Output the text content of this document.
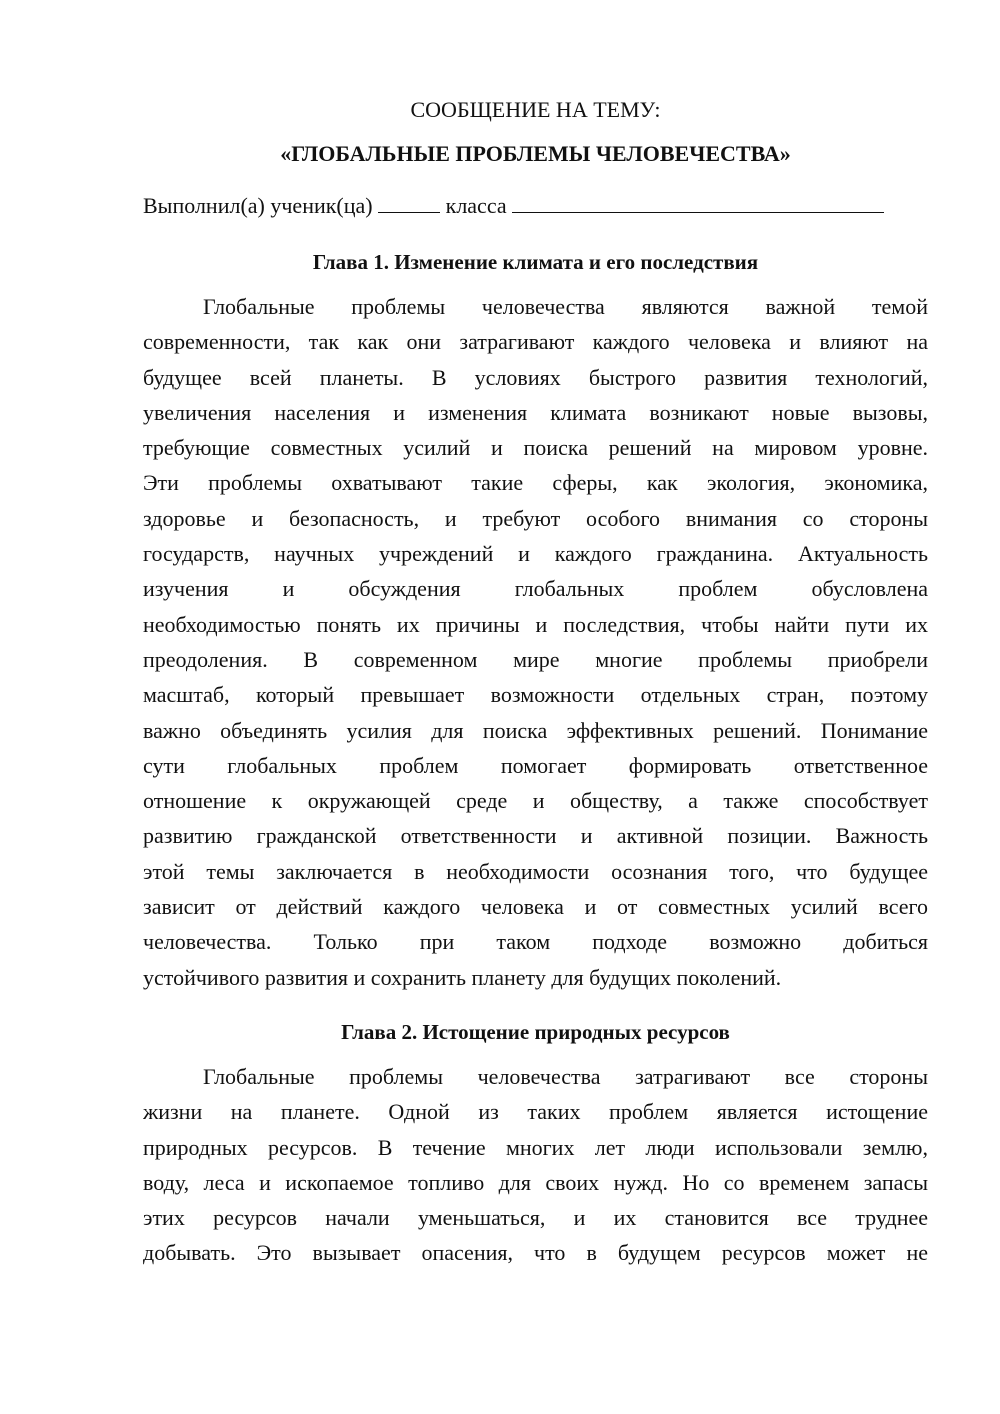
СООБЩЕНИЕ НА ТЕМУ:
«ГЛОБАЛЬНЫЕ ПРОБЛЕМЫ ЧЕЛОВЕЧЕСТВА»
Выполнил(а) ученик(ца)	класса
Глава 1. Изменение климата и его последствия
Глобальные проблемы человечества являются важной темой
современности, так как они затрагивают каждого человека и влияют на
будущее всей планеты. В условиях быстрого развития технологий,
увеличения населения и изменения климата возникают новые вызовы,
требующие совместных усилий и поиска решений на мировом уровне.
Эти проблемы охватывают такие сферы, как экология, экономика,
здоровье и безопасность, и требуют особого внимания со стороны
государств, научных учреждений и каждого гражданина. Актуальность
изучения и обсуждения глобальных проблем обусловлена
необходимостью понять их причины и последствия, чтобы найти пути их
преодоления. В современном мире многие проблемы приобрели
масштаб, который превышает возможности отдельных стран, поэтому
важно объединять усилия для поиска эффективных решений. Понимание
сути глобальных проблем помогает формировать ответственное
отношение к окружающей среде и обществу, а также способствует
развитию гражданской ответственности и активной позиции. Важность
этой темы заключается в необходимости осознания того, что будущее
зависит от действий каждого человека и от совместных усилий всего
человечества. Только при таком подходе возможно добиться
устойчивого развития и сохранить планету для будущих поколений.
Глава 2. Истощение природных ресурсов
Глобальные проблемы человечества затрагивают все стороны
жизни на планете. Одной из таких проблем является истощение
природных ресурсов. В течение многих лет люди использовали землю,
воду, леса и ископаемое топливо для своих нужд. Но со временем запасы
этих ресурсов начали уменьшаться, и их становится все труднее
добывать. Это вызывает опасения, что в будущем ресурсов может не
